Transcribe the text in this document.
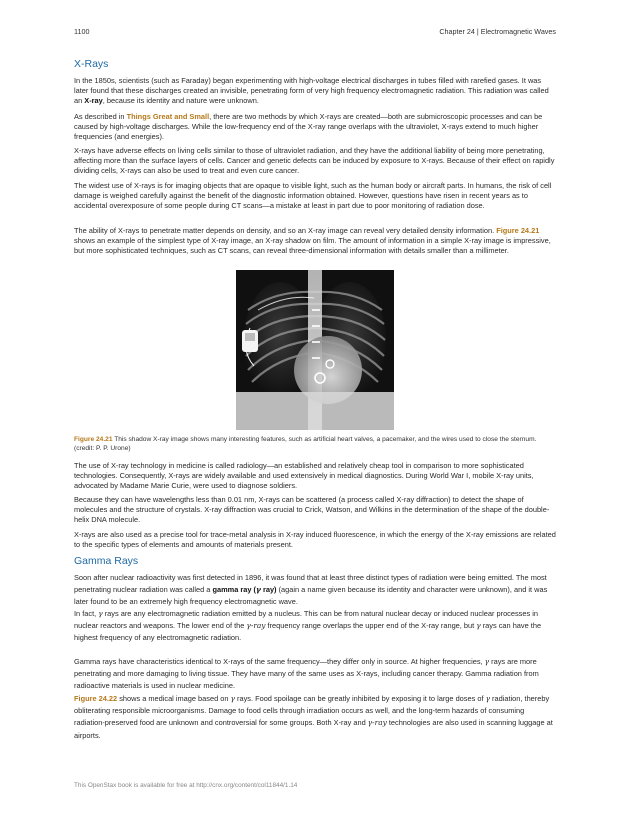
1100	Chapter 24 | Electromagnetic Waves
X-Rays

In the 1850s, scientists (such as Faraday) began experimenting with high-voltage electrical discharges in tubes filled with rarefied gases. It was later found that these discharges created an invisible, penetrating form of very high frequency electromagnetic radiation. This radiation was called an X-ray, because its identity and nature were unknown.

As described in Things Great and Small, there are two methods by which X-rays are created—both are submicroscopic processes and can be caused by high-voltage discharges. While the low-frequency end of the X-ray range overlaps with the ultraviolet, X-rays extend to much higher frequencies (and energies).

X-rays have adverse effects on living cells similar to those of ultraviolet radiation, and they have the additional liability of being more penetrating, affecting more than the surface layers of cells. Cancer and genetic defects can be induced by exposure to X-rays. Because of their effect on rapidly dividing cells, X-rays can also be used to treat and even cure cancer.

The widest use of X-rays is for imaging objects that are opaque to visible light, such as the human body or aircraft parts. In humans, the risk of cell damage is weighed carefully against the benefit of the diagnostic information obtained. However, questions have risen in recent years as to accidental overexposure of some people during CT scans—a mistake at least in part due to poor monitoring of radiation dose.

The ability of X-rays to penetrate matter depends on density, and so an X-ray image can reveal very detailed density information. Figure 24.21 shows an example of the simplest type of X-ray image, an X-ray shadow on film. The amount of information in a simple X-ray image is impressive, but more sophisticated techniques, such as CT scans, can reveal three-dimensional information with details smaller than a millimeter.

Figure 24.21 This shadow X-ray image shows many interesting features, such as artificial heart valves, a pacemaker, and the wires used to close the sternum. (credit: P. P. Urone)

The use of X-ray technology in medicine is called radiology—an established and relatively cheap tool in comparison to more sophisticated technologies. Consequently, X-rays are widely available and used extensively in medical diagnostics. During World War I, mobile X-ray units, advocated by Madame Marie Curie, were used to diagnose soldiers.

Because they can have wavelengths less than 0.01 nm, X-rays can be scattered (a process called X-ray diffraction) to detect the shape of molecules and the structure of crystals. X-ray diffraction was crucial to Crick, Watson, and Wilkins in the determination of the shape of the double-helix DNA molecule.

X-rays are also used as a precise tool for trace-metal analysis in X-ray induced fluorescence, in which the energy of the X-ray emissions are related to the specific types of elements and amounts of materials present.

Gamma Rays

Soon after nuclear radioactivity was first detected in 1896, it was found that at least three distinct types of radiation were being emitted. The most penetrating nuclear radiation was called a gamma ray (γ ray) (again a name given because its identity and character were unknown), and it was later found to be an extremely high frequency electromagnetic wave.

In fact, γ rays are any electromagnetic radiation emitted by a nucleus. This can be from natural nuclear decay or induced nuclear processes in nuclear reactors and weapons. The lower end of the γ-ray frequency range overlaps the upper end of the X-ray range, but γ rays can have the highest frequency of any electromagnetic radiation.

Gamma rays have characteristics identical to X-rays of the same frequency—they differ only in source. At higher frequencies, γ rays are more penetrating and more damaging to living tissue. They have many of the same uses as X-rays, including cancer therapy. Gamma radiation from radioactive materials is used in nuclear medicine.

Figure 24.22 shows a medical image based on γ rays. Food spoilage can be greatly inhibited by exposing it to large doses of γ radiation, thereby obliterating responsible microorganisms. Damage to food cells through irradiation occurs as well, and the long-term hazards of consuming radiation-preserved food are unknown and controversial for some groups. Both X-ray and γ-ray technologies are also used in scanning luggage at airports.

This OpenStax book is available for free at http://cnx.org/content/col11844/1.14
